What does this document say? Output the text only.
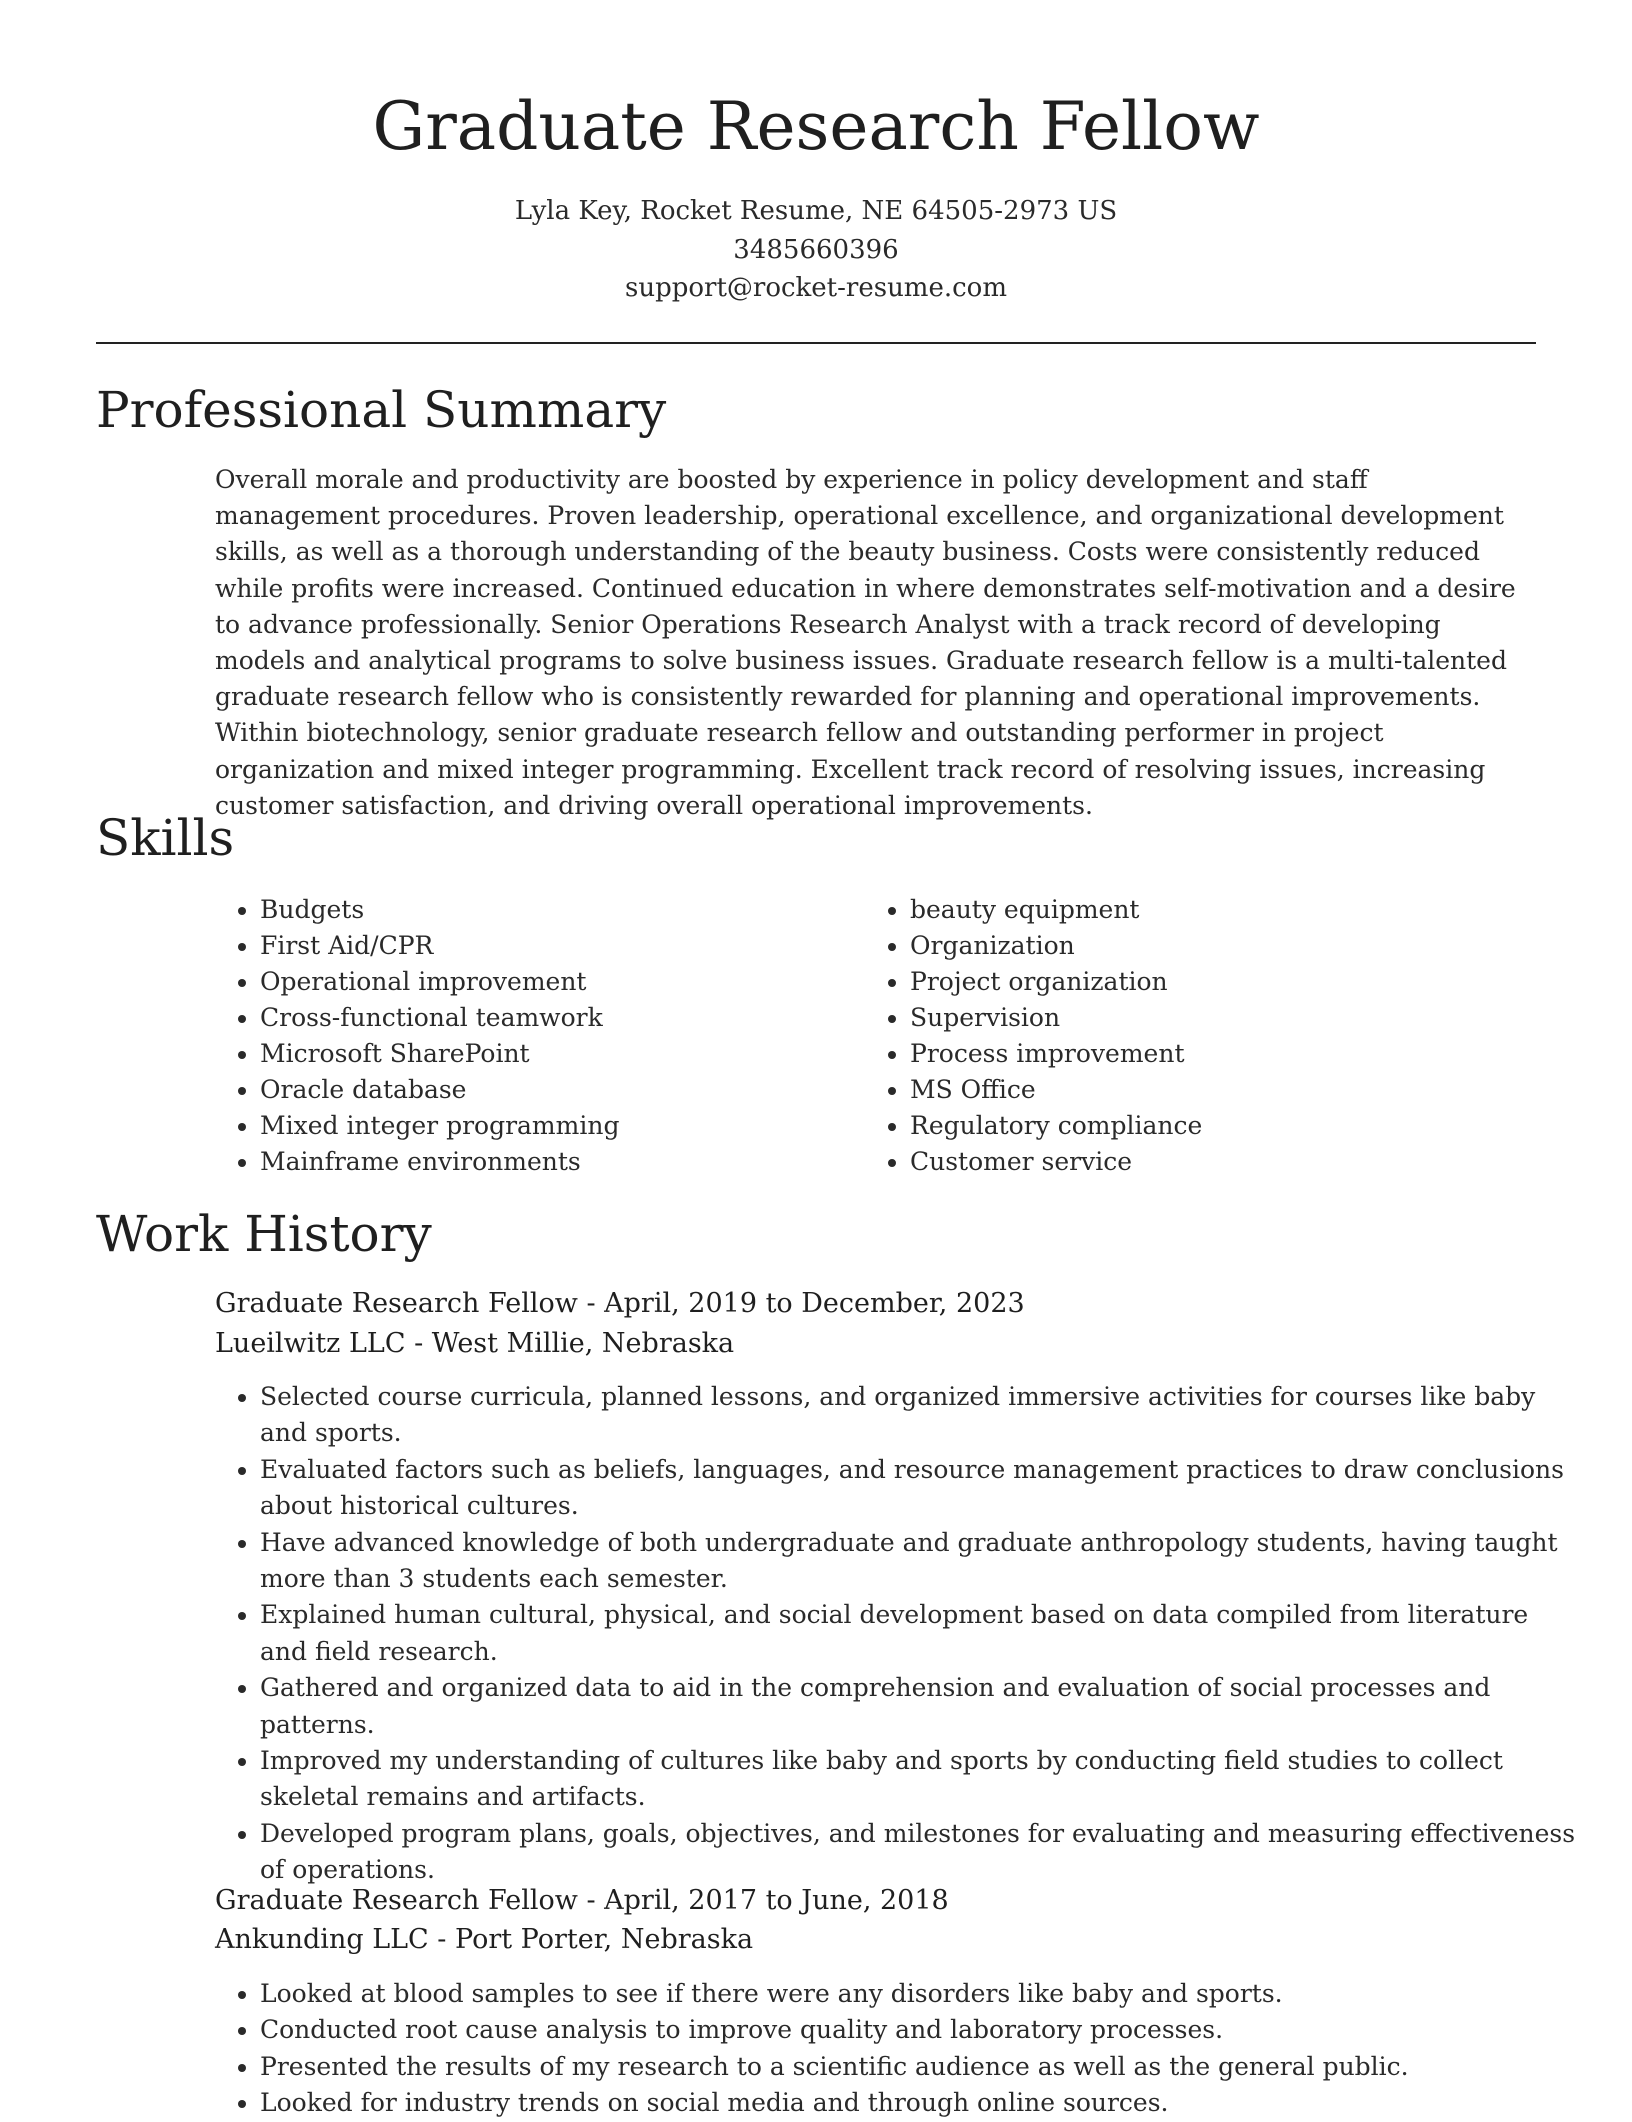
Graduate Research Fellow
Lyla Key, Rocket Resume, NE 64505-2973 US
3485660396
support@rocket-resume.com
Professional Summary

Overall morale and productivity are boosted by experience in policy development and staff management procedures. Proven leadership, operational excellence, and organizational development skills, as well as a thorough understanding of the beauty business. Costs were consistently reduced while profits were increased. Continued education in where demonstrates self-motivation and a desire to advance professionally. Senior Operations Research Analyst with a track record of developing models and analytical programs to solve business issues. Graduate research fellow is a multi-talented graduate research fellow who is consistently rewarded for planning and operational improvements. Within biotechnology, senior graduate research fellow and outstanding performer in project organization and mixed integer programming. Excellent track record of resolving issues, increasing customer satisfaction, and driving overall operational improvements.

Skills
• Budgets
• First Aid/CPR
• Operational improvement
• Cross-functional teamwork
• Microsoft SharePoint
• Oracle database
• Mixed integer programming
• Mainframe environments
• beauty equipment
• Organization
• Project organization
• Supervision
• Process improvement
• MS Office
• Regulatory compliance
• Customer service
Work History
Graduate Research Fellow - April, 2019 to December, 2023
Lueilwitz LLC - West Millie, Nebraska
• Selected course curricula, planned lessons, and organized immersive activities for courses like baby and sports.
• Evaluated factors such as beliefs, languages, and resource management practices to draw conclusions about historical cultures.
• Have advanced knowledge of both undergraduate and graduate anthropology students, having taught more than 3 students each semester.
• Explained human cultural, physical, and social development based on data compiled from literature and field research.
• Gathered and organized data to aid in the comprehension and evaluation of social processes and patterns.
• Improved my understanding of cultures like baby and sports by conducting field studies to collect skeletal remains and artifacts.
• Developed program plans, goals, objectives, and milestones for evaluating and measuring effectiveness of operations.
Graduate Research Fellow - April, 2017 to June, 2018
Ankunding LLC - Port Porter, Nebraska
• Looked at blood samples to see if there were any disorders like baby and sports.
• Conducted root cause analysis to improve quality and laboratory processes.
• Presented the results of my research to a scientific audience as well as the general public.
• Looked for industry trends on social media and through online sources.
